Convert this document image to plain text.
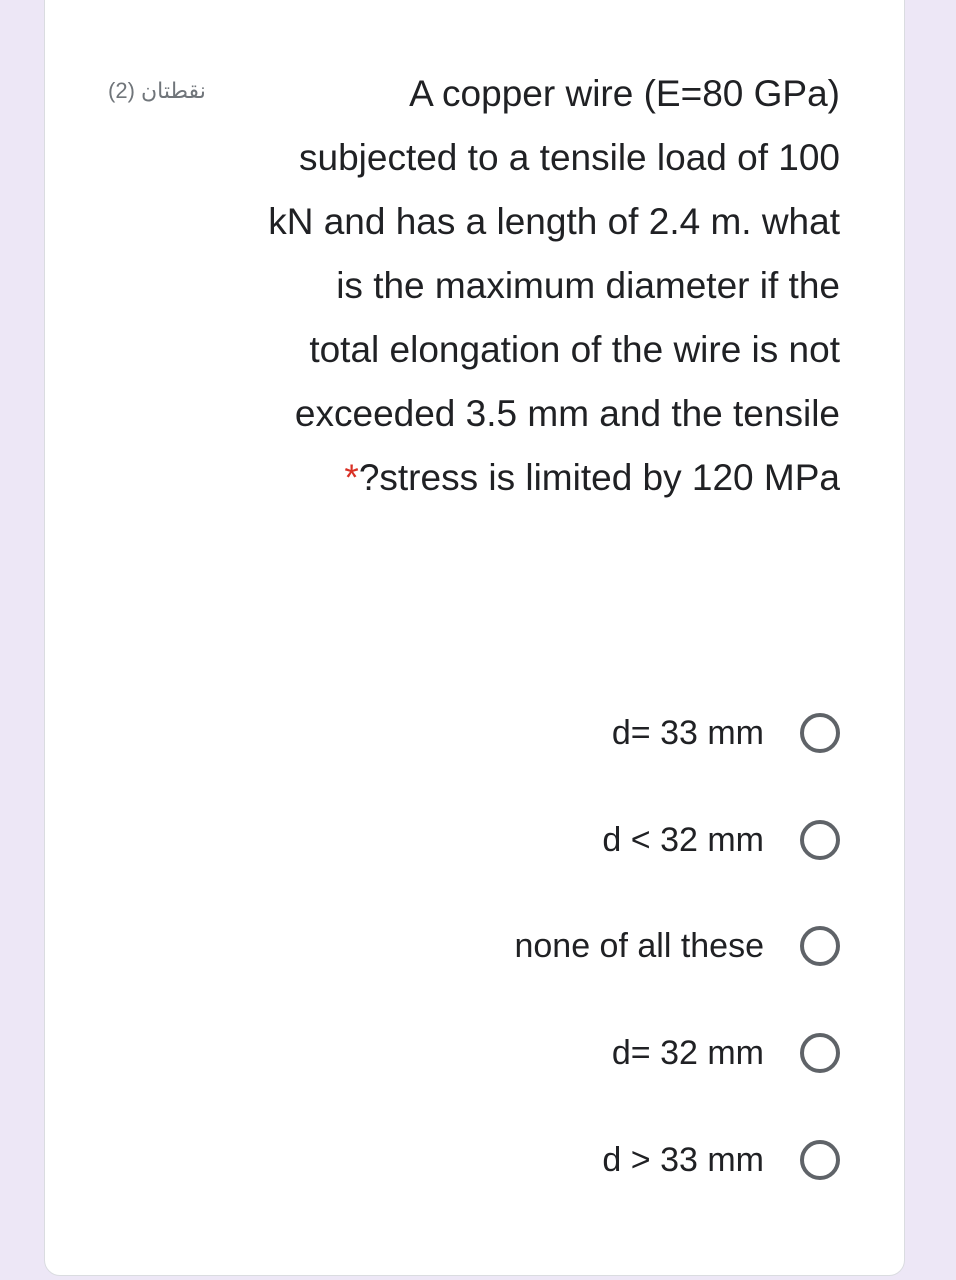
نقطتان (2)	A copper wire (E=80 GPa) subjected to a tensile load of 100 kN and has a length of 2.4 m. what is the maximum diameter if the total elongation of the wire is not exceeded 3.5 mm and the tensile stress is limited by 120 MPa?*
d= 33 mm
d < 32 mm
none of all these
d= 32 mm
d > 33 mm
